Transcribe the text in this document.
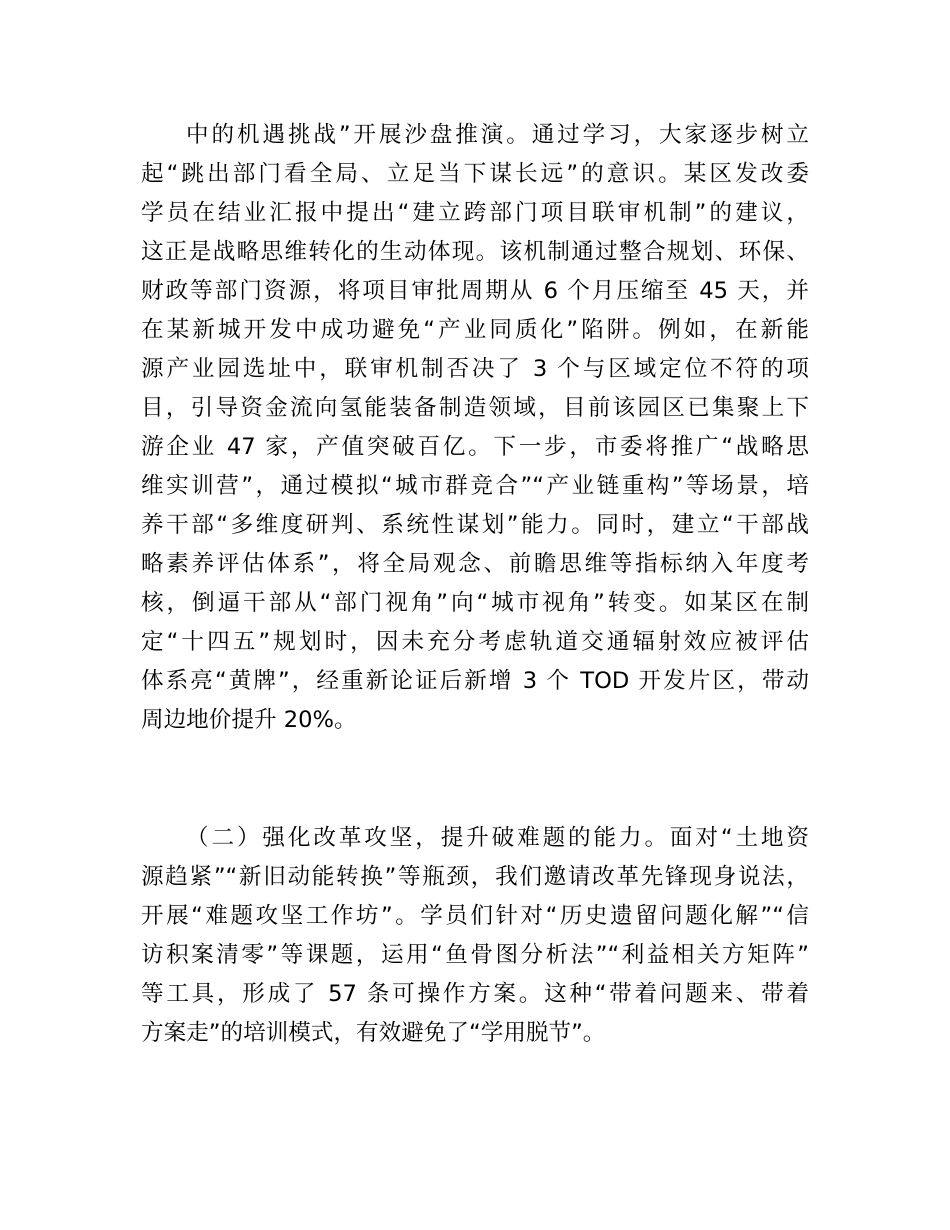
中的机遇挑战”开展沙盘推演。通过学习，大家逐步树立
起“跳出部门看全局、立足当下谋长远”的意识。某区发改委
学员在结业汇报中提出“建立跨部门项目联审机制”的建议，
这正是战略思维转化的生动体现。该机制通过整合规划、环保、
财政等部门资源，将项目审批周期从 6 个月压缩至 45 天，并
在某新城开发中成功避免“产业同质化”陷阱。例如，在新能
源产业园选址中，联审机制否决了 3 个与区域定位不符的项
目，引导资金流向氢能装备制造领域，目前该园区已集聚上下
游企业 47 家，产值突破百亿。下一步，市委将推广“战略思
维实训营”，通过模拟“城市群竞合”“产业链重构”等场景，培
养干部“多维度研判、系统性谋划”能力。同时，建立“干部战
略素养评估体系”，将全局观念、前瞻思维等指标纳入年度考
核，倒逼干部从“部门视角”向“城市视角”转变。如某区在制
定“十四五”规划时，因未充分考虑轨道交通辐射效应被评估
体系亮“黄牌”，经重新论证后新增 3 个 TOD 开发片区，带动
周边地价提升 20%。
（二）强化改革攻坚，提升破难题的能力。面对“土地资
源趋紧”“新旧动能转换”等瓶颈，我们邀请改革先锋现身说法，
开展“难题攻坚工作坊”。学员们针对“历史遗留问题化解”“信
访积案清零”等课题，运用“鱼骨图分析法”“利益相关方矩阵”
等工具，形成了 57 条可操作方案。这种“带着问题来、带着
方案走”的培训模式，有效避免了“学用脱节”。
